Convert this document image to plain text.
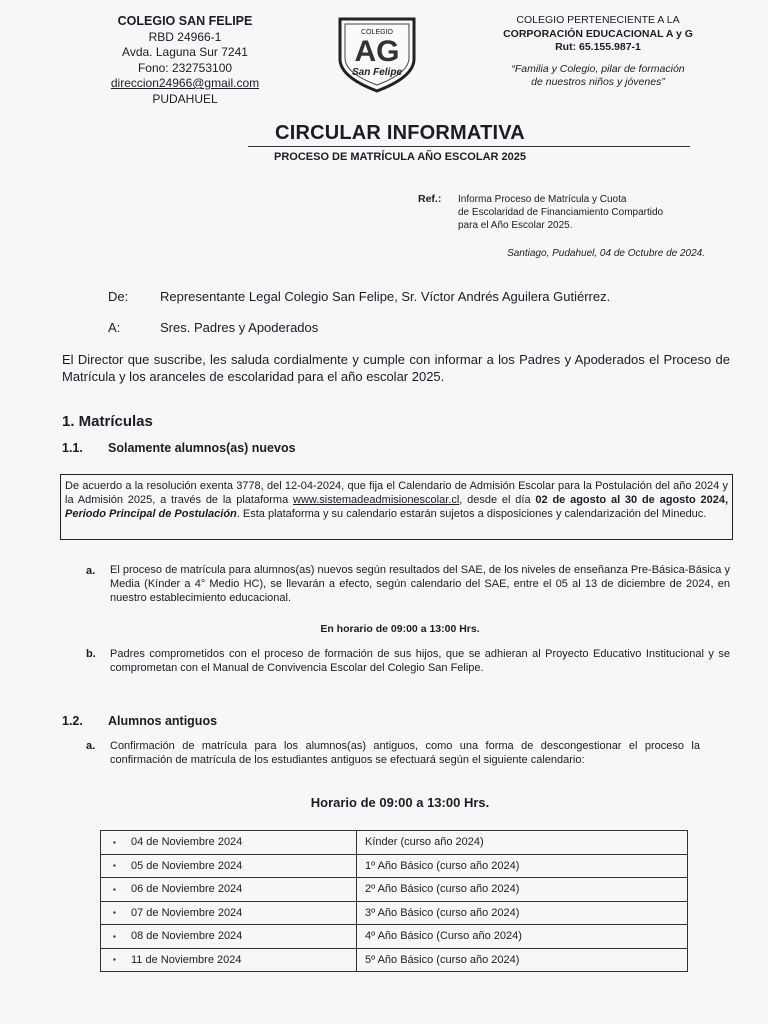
COLEGIO SAN FELIPE
RBD 24966-1
Avda. Laguna Sur 7241
Fono: 232753100
direccion24966@gmail.com
PUDAHUEL
COLEGIO
AG
San Felipe
COLEGIO PERTENECIENTE A LA
CORPORACIÓN EDUCACIONAL A y G
Rut: 65.155.987-1
“Familia y Colegio, pilar de formación
de nuestros niños y jóvenes”
CIRCULAR INFORMATIVA
PROCESO DE MATRÍCULA AÑO ESCOLAR 2025
Ref.: Informa Proceso de Matrícula y Cuota
de Escolaridad de Financiamiento Compartido
para el Año Escolar 2025.
Santiago, Pudahuel, 04 de Octubre de 2024.
De: Representante Legal Colegio San Felipe, Sr. Víctor Andrés Aguilera Gutiérrez.
A:	Sres. Padres y Apoderados
El Director que suscribe, les saluda cordialmente y cumple con informar a los Padres y Apoderados el Proceso de Matrícula y los aranceles de escolaridad para el año escolar 2025.
1. Matrículas
1.1. Solamente alumnos(as) nuevos
De acuerdo a la resolución exenta 3778, del 12-04-2024, que fija el Calendario de Admisión Escolar para la Postulación del año 2024 y la Admisión 2025, a través de la plataforma www.sistemadeadmisionescolar.cl, desde el día 02 de agosto al 30 de agosto 2024, Periodo Principal de Postulación. Esta plataforma y su calendario estarán sujetos a disposiciones y calendarización del Mineduc.
a. El proceso de matrícula para alumnos(as) nuevos según resultados del SAE, de los niveles de enseñanza Pre-Básica-Básica y Media (Kínder a 4° Medio HC), se llevarán a efecto, según calendario del SAE, entre el 05 al 13 de diciembre de 2024, en nuestro establecimiento educacional.
En horario de 09:00 a 13:00 Hrs.
b. Padres comprometidos con el proceso de formación de sus hijos, que se adhieran al Proyecto Educativo Institucional y se comprometan con el Manual de Convivencia Escolar del Colegio San Felipe.
1.2. Alumnos antiguos
a. Confirmación de matrícula para los alumnos(as) antiguos, como una forma de descongestionar el proceso la confirmación de matrícula de los estudiantes antiguos se efectuará según el siguiente calendario:
Horario de 09:00 a 13:00 Hrs.
▪ 04 de Noviembre 2024	Kínder (curso año 2024)
▪ 05 de Noviembre 2024	1º Año Básico (curso año 2024)
▪ 06 de Noviembre 2024	2º Año Básico (curso año 2024)
▪ 07 de Noviembre 2024	3º Año Básico (curso año 2024)
▪ 08 de Noviembre 2024	4º Año Básico (Curso año 2024)
▪ 11 de Noviembre 2024	5º Año Básico (curso año 2024)
